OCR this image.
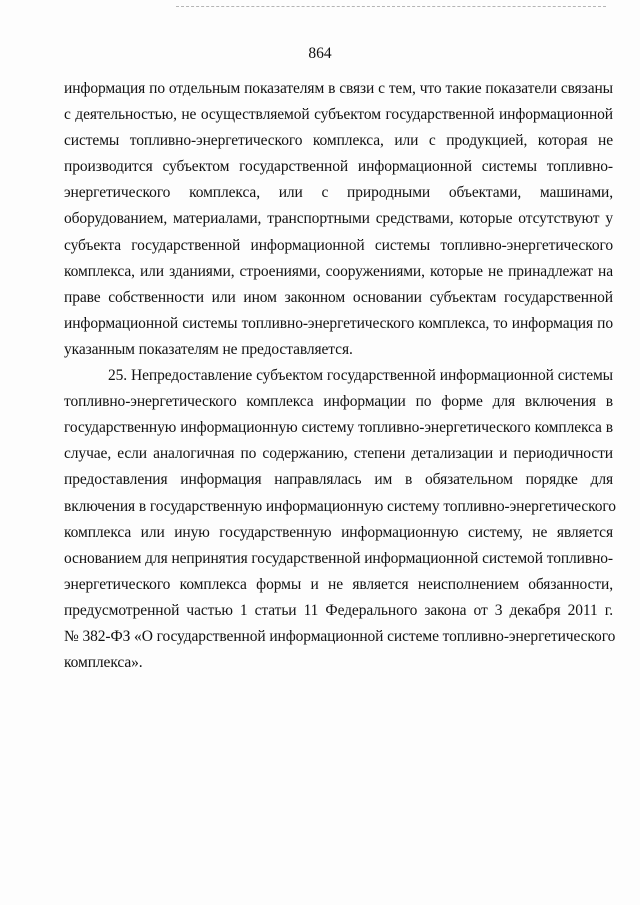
864
информация по отдельным показателям в связи с тем, что такие показатели связаны
с деятельностью, не осуществляемой субъектом государственной информационной
системы топливно-энергетического комплекса, или с продукцией, которая не
производится субъектом государственной информационной системы топливно-
энергетического комплекса, или с природными объектами, машинами,
оборудованием, материалами, транспортными средствами, которые отсутствуют у
субъекта государственной информационной системы топливно-энергетического
комплекса, или зданиями, строениями, сооружениями, которые не принадлежат на
праве собственности или ином законном основании субъектам государственной
информационной системы топливно-энергетического комплекса, то информация по
указанным показателям не предоставляется.
25. Непредоставление субъектом государственной информационной системы
топливно-энергетического комплекса информации по форме для включения в
государственную информационную систему топливно-энергетического комплекса в
случае, если аналогичная по содержанию, степени детализации и периодичности
предоставления информация направлялась им в обязательном порядке для
включения в государственную информационную систему топливно-энергетического
комплекса или иную государственную информационную систему, не является
основанием для непринятия государственной информационной системой топливно-
энергетического комплекса формы и не является неисполнением обязанности,
предусмотренной частью 1 статьи 11 Федерального закона от 3 декабря 2011 г.
№ 382-ФЗ «О государственной информационной системе топливно-энергетического
комплекса».
